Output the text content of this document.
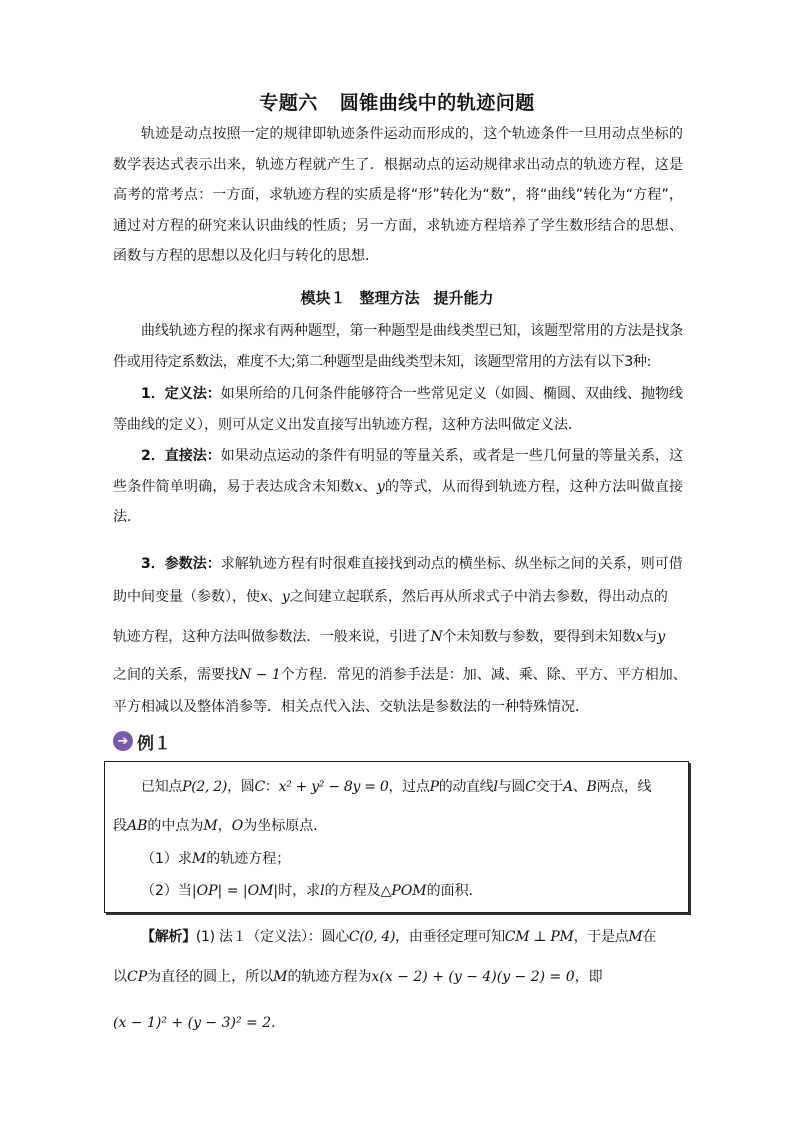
专题六 圆锥曲线中的轨迹问题

轨迹是动点按照一定的规律即轨迹条件运动而形成的，这个轨迹条件一旦用动点坐标的数学表达式表示出来，轨迹方程就产生了．根据动点的运动规律求出动点的轨迹方程，这是高考的常考点：一方面，求轨迹方程的实质是将“形”转化为“数”，将“曲线”转化为“方程”，通过对方程的研究来认识曲线的性质；另一方面，求轨迹方程培养了学生数形结合的思想、函数与方程的思想以及化归与转化的思想．

模块１ 整理方法 提升能力

曲线轨迹方程的探求有两种题型，第一种题型是曲线类型已知，该题型常用的方法是找条件或用待定系数法，难度不大;第二种题型是曲线类型未知，该题型常用的方法有以下3种:

1．定义法：如果所给的几何条件能够符合一些常见定义（如圆、椭圆、双曲线、抛物线等曲线的定义），则可从定义出发直接写出轨迹方程，这种方法叫做定义法．

2．直接法：如果动点运动的条件有明显的等量关系，或者是一些几何量的等量关系，这些条件简单明确，易于表达成含未知数x、y的等式，从而得到轨迹方程，这种方法叫做直接法．

3．参数法：求解轨迹方程有时很难直接找到动点的横坐标、纵坐标之间的关系，则可借
助中间变量（参数），使x、y之间建立起联系，然后再从所求式子中消去参数，得出动点的
轨迹方程，这种方法叫做参数法．一般来说，引进了N个未知数与参数，要得到未知数x与y
之间的关系，需要找N − 1个方程．常见的消参手法是：加、减、乘、除、平方、平方相加、
平方相减以及整体消参等．相关点代入法、交轨法是参数法的一种特殊情况．
➔ 例１
已知点P(2, 2)，圆C：x² + y² − 8y = 0，过点P的动直线l与圆C交于A、B两点，线
段AB的中点为M，O为坐标原点．
（1）求M的轨迹方程；
（2）当|OP| = |OM|时，求l的方程及△POM的面积．
【解析】(1) 法１（定义法）：圆心C(0, 4)，由垂径定理可知CM ⊥ PM，于是点M在
以CP为直径的圆上，所以M的轨迹方程为x(x − 2) + (y − 4)(y − 2) = 0，即
(x − 1)² + (y − 3)² = 2．
